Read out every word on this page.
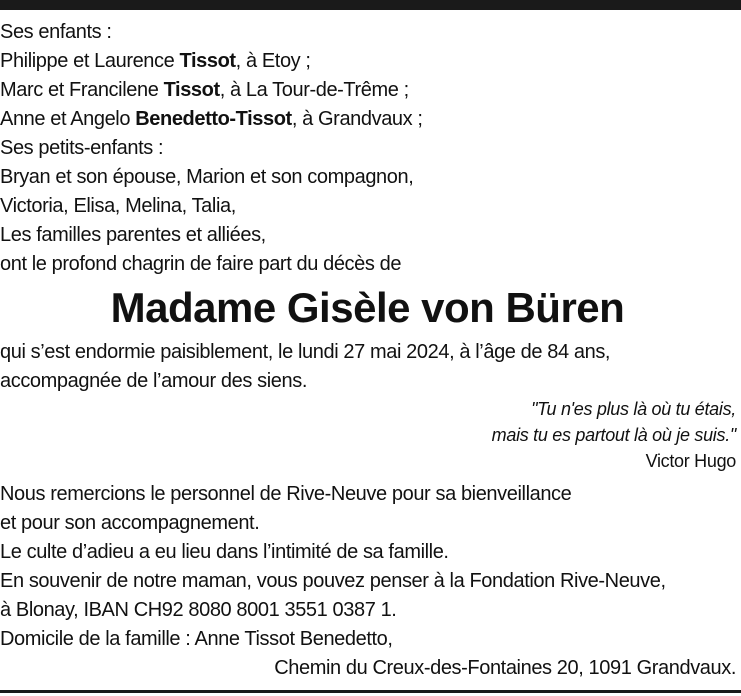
Ses enfants :
Philippe et Laurence Tissot, à Etoy ;
Marc et Francilene Tissot, à La Tour-de-Trême ;
Anne et Angelo Benedetto-Tissot, à Grandvaux ;
Ses petits-enfants :
Bryan et son épouse, Marion et son compagnon,
Victoria, Elisa, Melina, Talia,
Les familles parentes et alliées,
ont le profond chagrin de faire part du décès de
Madame Gisèle von Büren
qui s’est endormie paisiblement, le lundi 27 mai 2024, à l’âge de 84 ans,
accompagnée de l’amour des siens.
"Tu n'es plus là où tu étais,
mais tu es partout là où je suis."
Victor Hugo
Nous remercions le personnel de Rive-Neuve pour sa bienveillance
et pour son accompagnement.
Le culte d’adieu a eu lieu dans l’intimité de sa famille.
En souvenir de notre maman, vous pouvez penser à la Fondation Rive-Neuve,
à Blonay, IBAN CH92 8080 8001 3551 0387 1.
Domicile de la famille : Anne Tissot Benedetto,
Chemin du Creux-des-Fontaines 20, 1091 Grandvaux.
